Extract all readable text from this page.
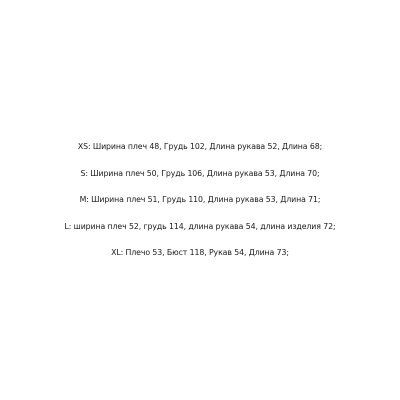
XS: Ширина плеч 48, Грудь 102, Длина рукава 52, Длина 68;
S: Ширина плеч 50, Грудь 106, Длина рукава 53, Длина 70;
M: Ширина плеч 51, Грудь 110, Длина рукава 53, Длина 71;
L: ширина плеч 52, грудь 114, длина рукава 54, длина изделия 72;
XL: Плечо 53, Бюст 118, Рукав 54, Длина 73;
